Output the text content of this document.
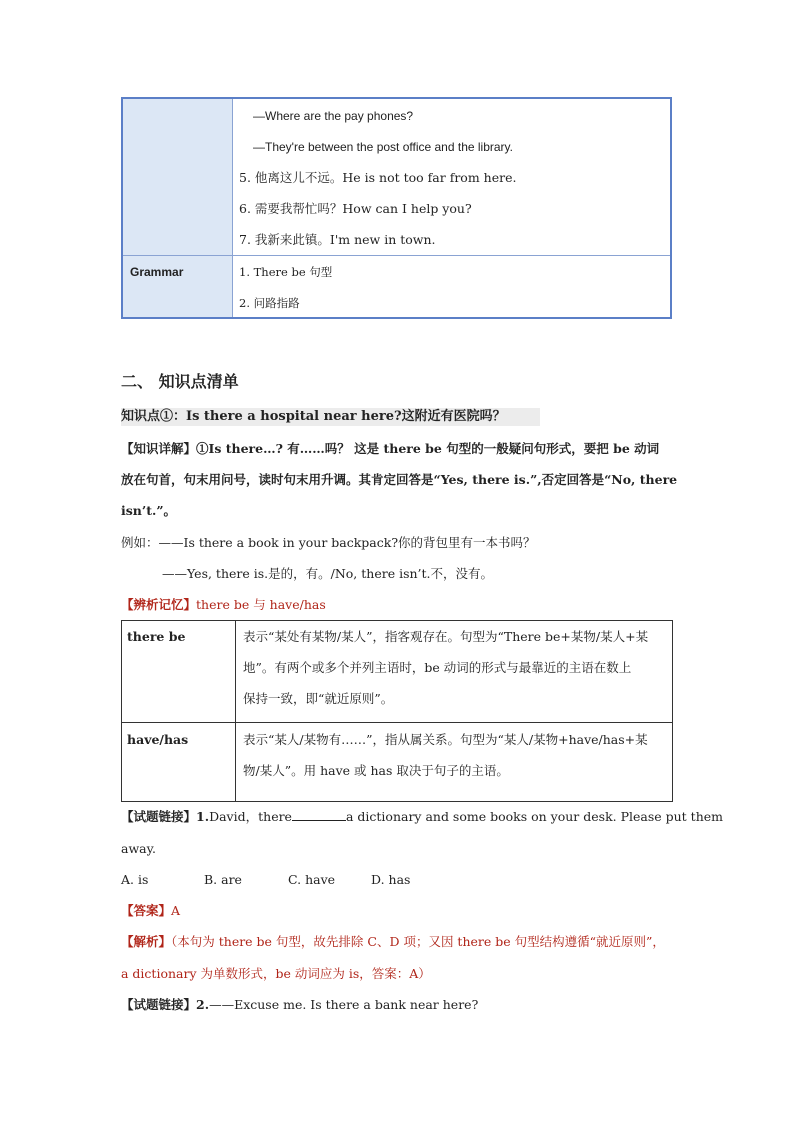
—Where are the pay phones?
—They're between the post office and the library.
5. 他离这儿不远。He is not too far from here.
6. 需要我帮忙吗？How can I help you?
7. 我新来此镇。I'm new in town.
Grammar	1. There be 句型
2. 问路指路
二、 知识点清单
知识点①：Is there a hospital near here?这附近有医院吗？
【知识详解】①Is there…? 有……吗？ 这是 there be 句型的一般疑问句形式，要把 be 动词
放在句首，句末用问号，读时句末用升调。其肯定回答是“Yes, there is.”,否定回答是“No, there
isn’t.”。
例如：——Is there a book in your backpack?你的背包里有一本书吗？
——Yes, there is.是的，有。/No, there isn’t.不，没有。
【辨析记忆】there be 与 have/has
there be	表示“某处有某物/某人”，指客观存在。句型为“There be+某物/某人+某
地”。有两个或多个并列主语时，be 动词的形式与最靠近的主语在数上
保持一致，即“就近原则”。
have/has	表示“某人/某物有……”，指从属关系。句型为“某人/某物+have/has+某
物/某人”。用 have 或 has 取决于句子的主语。
【试题链接】1.David，there	a dictionary and some books on your desk. Please put them
away.
A. is	B. are	C. have	D. has
【答案】A
【解析】（本句为 there be 句型，故先排除 C、D 项；又因 there be 句型结构遵循“就近原则”，
a dictionary 为单数形式，be 动词应为 is，答案：A）
【试题链接】2.——Excuse me. Is there a bank near here?
